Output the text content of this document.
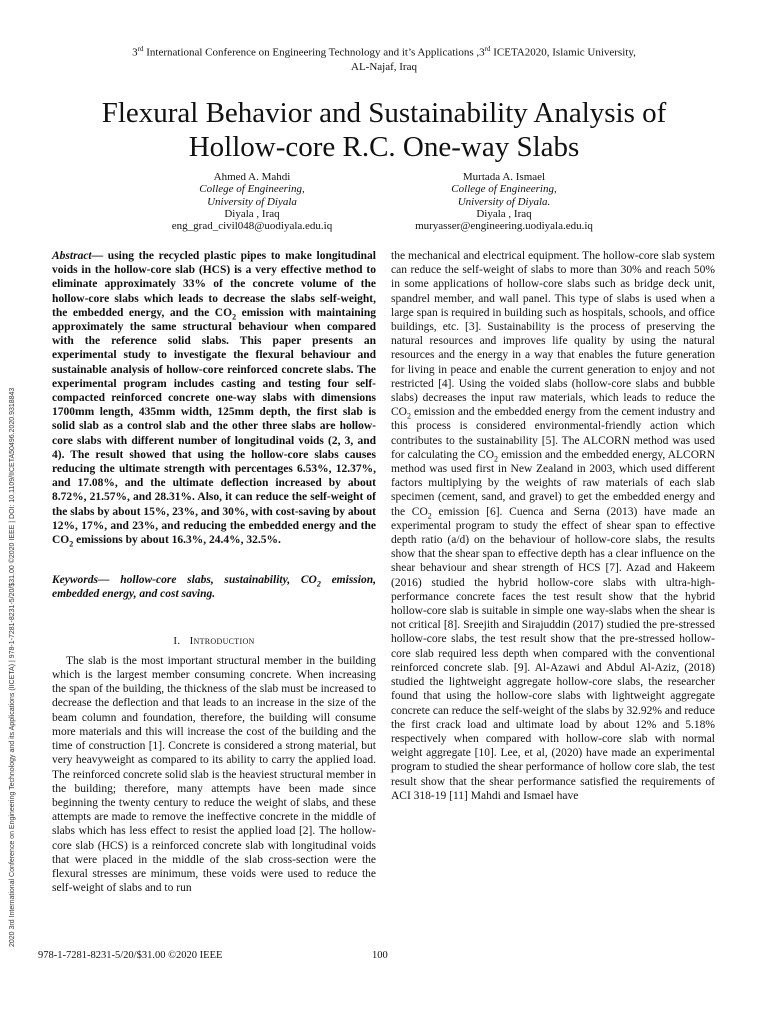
3rd International Conference on Engineering Technology and it’s Applications ,3rd ICETA2020, Islamic University,
AL-Najaf, Iraq
Flexural Behavior and Sustainability Analysis of
Hollow-core R.C. One-way Slabs
Ahmed A. Mahdi
College of Engineering,
University of Diyala
Diyala , Iraq
eng_grad_civil048@uodiyala.edu.iq
Murtada A. Ismael
College of Engineering,
University of Diyala.
Diyala , Iraq
muryasser@engineering.uodiyala.edu.iq
2020 3rd International Conference on Engineering Technology and its Applications (IICETA) | 978-1-7281-8231-5/20/$31.00 ©2020 IEEE | DOI: 10.1109/IICETA50496.2020.9318843

Abstract— using the recycled plastic pipes to make longitudinal voids in the hollow-core slab (HCS) is a very effective method to eliminate approximately 33% of the concrete volume of the hollow-core slabs which leads to decrease the slabs self-weight, the embedded energy, and the $CO_2$ emission with maintaining approximately the same structural behaviour when compared with the reference solid slabs. This paper presents an experimental study to investigate the flexural behaviour and sustainable analysis of hollow-core reinforced concrete slabs. The experimental program includes casting and testing four self-compacted reinforced concrete one-way slabs with dimensions 1700mm length, 435mm width, 125mm depth, the first slab is solid slab as a control slab and the other three slabs are hollow-core slabs with different number of longitudinal voids (2, 3, and 4). The result showed that using the hollow-core slabs causes reducing the ultimate strength with percentages 6.53%, 12.37%, and 17.08%, and the ultimate deflection increased by about 8.72%, 21.57%, and 28.31%. Also, it can reduce the self-weight of the slabs by about 15%, 23%, and 30%, with cost-saving by about 12%, 17%, and 23%, and reducing the embedded energy and the $CO_2$ emissions by about 16.3%, 24.4%, 32.5%.

Keywords— hollow-core slabs, sustainability, $CO_2$ emission, embedded energy, and cost saving.

I. Introduction

The slab is the most important structural member in the building which is the largest member consuming concrete. When increasing the span of the building, the thickness of the slab must be increased to decrease the deflection and that leads to an increase in the size of the beam column and foundation, therefore, the building will consume more materials and this will increase the cost of the building and the time of construction [1]. Concrete is considered a strong material, but very heavyweight as compared to its ability to carry the applied load. The reinforced concrete solid slab is the heaviest structural member in the building; therefore, many attempts have been made since beginning the twenty century to reduce the weight of slabs, and these attempts are made to remove the ineffective concrete in the middle of slabs which has less effect to resist the applied load [2]. The hollow-core slab (HCS) is a reinforced concrete slab with longitudinal voids that were placed in the middle of the slab cross-section were the flexural stresses are minimum, these voids were used to reduce the self-weight of slabs and to run

the mechanical and electrical equipment. The hollow-core slab system can reduce the self-weight of slabs to more than 30% and reach 50% in some applications of hollow-core slabs such as bridge deck unit, spandrel member, and wall panel. This type of slabs is used when a large span is required in building such as hospitals, schools, and office buildings, etc. [3]. Sustainability is the process of preserving the natural resources and improves life quality by using the natural resources and the energy in a way that enables the future generation for living in peace and enable the current generation to enjoy and not restricted [4]. Using the voided slabs (hollow-core slabs and bubble slabs) decreases the input raw materials, which leads to reduce the $CO_2$ emission and the embedded energy from the cement industry and this process is considered environmental-friendly action which contributes to the sustainability [5]. The ALCORN method was used for calculating the $CO_2$ emission and the embedded energy, ALCORN method was used first in New Zealand in 2003, which used different factors multiplying by the weights of raw materials of each slab specimen (cement, sand, and gravel) to get the embedded energy and the $CO_2$ emission [6]. Cuenca and Serna (2013) have made an experimental program to study the effect of shear span to effective depth ratio (a/d) on the behaviour of hollow-core slabs, the results show that the shear span to effective depth has a clear influence on the shear behaviour and shear strength of HCS [7]. Azad and Hakeem (2016) studied the hybrid hollow-core slabs with ultra-high-performance concrete faces the test result show that the hybrid hollow-core slab is suitable in simple one way-slabs when the shear is not critical [8]. Sreejith and Sirajuddin (2017) studied the pre-stressed hollow-core slabs, the test result show that the pre-stressed hollow-core slab required less depth when compared with the conventional reinforced concrete slab. [9]. Al-Azawi and Abdul Al-Aziz, (2018) studied the lightweight aggregate hollow-core slabs, the researcher found that using the hollow-core slabs with lightweight aggregate concrete can reduce the self-weight of the slabs by 32.92% and reduce the first crack load and ultimate load by about 12% and 5.18% respectively when compared with hollow-core slab with normal weight aggregate [10]. Lee, et al, (2020) have made an experimental program to studied the shear performance of hollow core slab, the test result show that the shear performance satisfied the requirements of ACI 318-19 [11] Mahdi and Ismael have

978-1-7281-8231-5/20/$31.00 ©2020 IEEE	100
